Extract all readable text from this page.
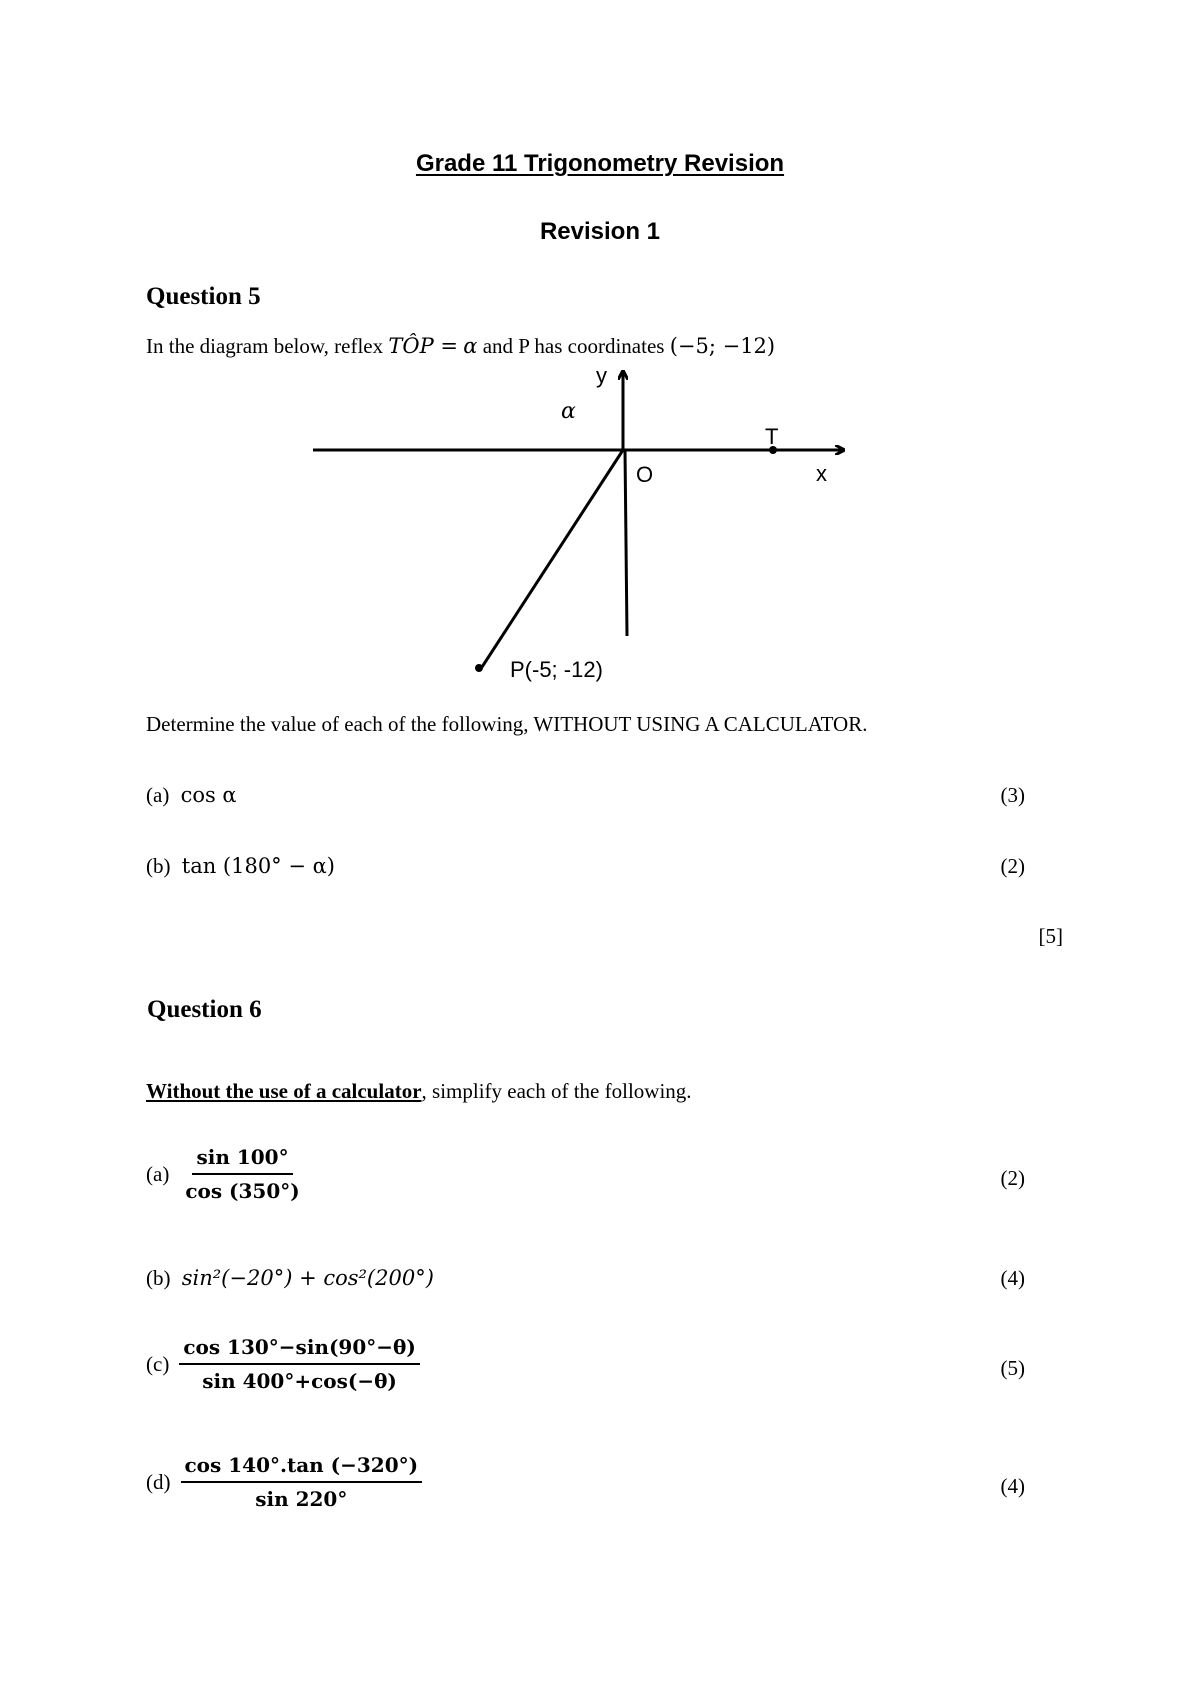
Grade 11 Trigonometry Revision
Revision 1
Question 5
In the diagram below, reflex TÔP = α and P has coordinates (−5; −12)
y
x
O
T
α
P(-5; -12)
Determine the value of each of the following, WITHOUT USING A CALCULATOR.
(a) cos α	(3)
(b) tan (180° − α)	(2)
[5]
Question 6
Without the use of a calculator, simplify each of the following.
$(a) \frac{\sin 100^\circ}{\cos (350^\circ)}$	(2)
(b) sin²(−20°) + cos²(200°)	(4)
$(c) \frac{\cos 130^\circ-\sin(90^\circ-\theta)}{\sin 400^\circ+\cos(-\theta)}$	(5)
$(d) \frac{\cos 140^\circ.\tan (-320^\circ)}{\sin 220^\circ}$	(4)
